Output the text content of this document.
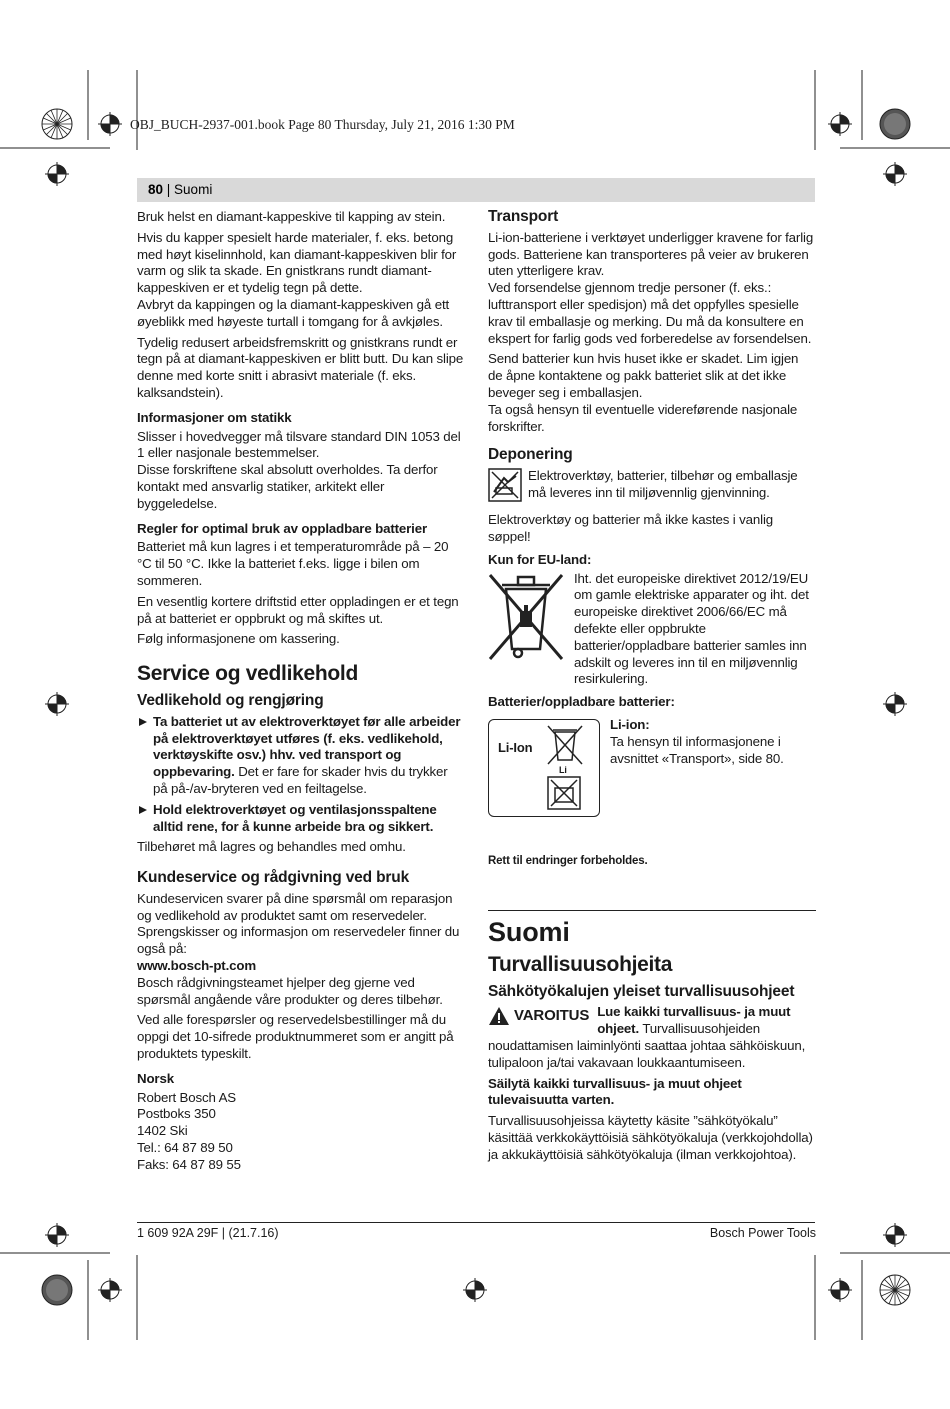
OBJ_BUCH-2937-001.book Page 80 Thursday, July 21, 2016 1:30 PM
80 | Suomi

Bruk helst en diamant-kappeskive til kapping av stein.

Hvis du kapper spesielt harde materialer, f. eks. betong med høyt kiselinnhold, kan diamant-kappeskiven blir for varm og slik ta skade. En gnistkrans rundt diamant-kappeskiven er et tydelig tegn på dette.

Avbryt da kappingen og la diamant-kappeskiven gå ett øyeblikk med høyeste turtall i tomgang for å avkjøles.

Tydelig redusert arbeidsfremskritt og gnistkrans rundt er tegn på at diamant-kappeskiven er blitt butt. Du kan slipe denne med korte snitt i abrasivt materiale (f. eks. kalksandstein).

Informasjoner om statikk

Slisser i hovedvegger må tilsvare standard DIN 1053 del 1 eller nasjonale bestemmelser.

Disse forskriftene skal absolutt overholdes. Ta derfor kontakt med ansvarlig statiker, arkitekt eller byggeledelse.

Regler for optimal bruk av oppladbare batterier

Batteriet må kun lagres i et temperaturområde på – 20 °C til 50 °C. Ikke la batteriet f.eks. ligge i bilen om sommeren.

En vesentlig kortere driftstid etter oppladingen er et tegn på at batteriet er oppbrukt og må skiftes ut.

Følg informasjonene om kassering.

Service og vedlikehold
Vedlikehold og rengjøring
Ta batteriet ut av elektroverktøyet før alle arbeider på elektroverktøyet utføres (f. eks. vedlikehold, verktøyskifte osv.) hhv. ved transport og oppbevaring. Det er fare for skader hvis du trykker på på-/av-bryteren ved en feiltagelse.
Hold elektroverktøyet og ventilasjonsspaltene alltid rene, for å kunne arbeide bra og sikkert.

Tilbehøret må lagres og behandles med omhu.

Kundeservice og rådgivning ved bruk

Kundeservicen svarer på dine spørsmål om reparasjon og vedlikehold av produktet samt om reservedeler. Sprengskisser og informasjon om reservedeler finner du også på:

www.bosch-pt.com

Bosch rådgivningsteamet hjelper deg gjerne ved spørsmål angående våre produkter og deres tilbehør.

Ved alle forespørsler og reservedelsbestillinger må du oppgi det 10-sifrede produktnummeret som er angitt på produktets typeskilt.

Norsk
Robert Bosch AS
Postboks 350
1402 Ski
Tel.: 64 87 89 50
Faks: 64 87 89 55
Transport

Li-ion-batteriene i verktøyet underligger kravene for farlig gods. Batteriene kan transporteres på veier av brukeren uten ytterligere krav.

Ved forsendelse gjennom tredje personer (f. eks.: lufttransport eller spedisjon) må det oppfylles spesielle krav til emballasje og merking. Du må da konsultere en ekspert for farlig gods ved forberedelse av forsendelsen.

Send batterier kun hvis huset ikke er skadet. Lim igjen de åpne kontaktene og pakk batteriet slik at det ikke beveger seg i emballasjen.

Ta også hensyn til eventuelle videreførende nasjonale forskrifter.

Deponering
Elektroverktøy, batterier, tilbehør og emballasje må leveres inn til miljøvennlig gjenvinning.

Elektroverktøy og batterier må ikke kastes i vanlig søppel!

Kun for EU-land:
Iht. det europeiske direktivet 2012/19/EU om gamle elektriske apparater og iht. det europeiske direktivet 2006/66/EC må defekte eller oppbrukte batterier/oppladbare batterier samles inn adskilt og leveres inn til en miljøvennlig resirkulering.
Batterier/oppladbare batterier:
Li-Ion
Li
Li-ion:
Ta hensyn til informasjonene i avsnittet «Transport», side 80.
Rett til endringer forbeholdes.
Suomi
Turvallisuusohjeita
Sähkötyökalujen yleiset turvallisuusohjeet
VAROITUS Lue kaikki turvallisuus- ja muut ohjeet. Turvallisuusohjeiden noudattamisen laiminlyönti saattaa johtaa sähköiskuun, tulipaloon ja/tai vakavaan loukkaantumiseen.
Säilytä kaikki turvallisuus- ja muut ohjeet tulevaisuutta varten.

Turvallisuusohjeissa käytetty käsite ”sähkötyökalu” käsittää verkkokäyttöisiä sähkötyökaluja (verkkojohdolla) ja akkukäyttöisiä sähkötyökaluja (ilman verkkojohtoa).

1 609 92A 29F | (21.7.16)	Bosch Power Tools
